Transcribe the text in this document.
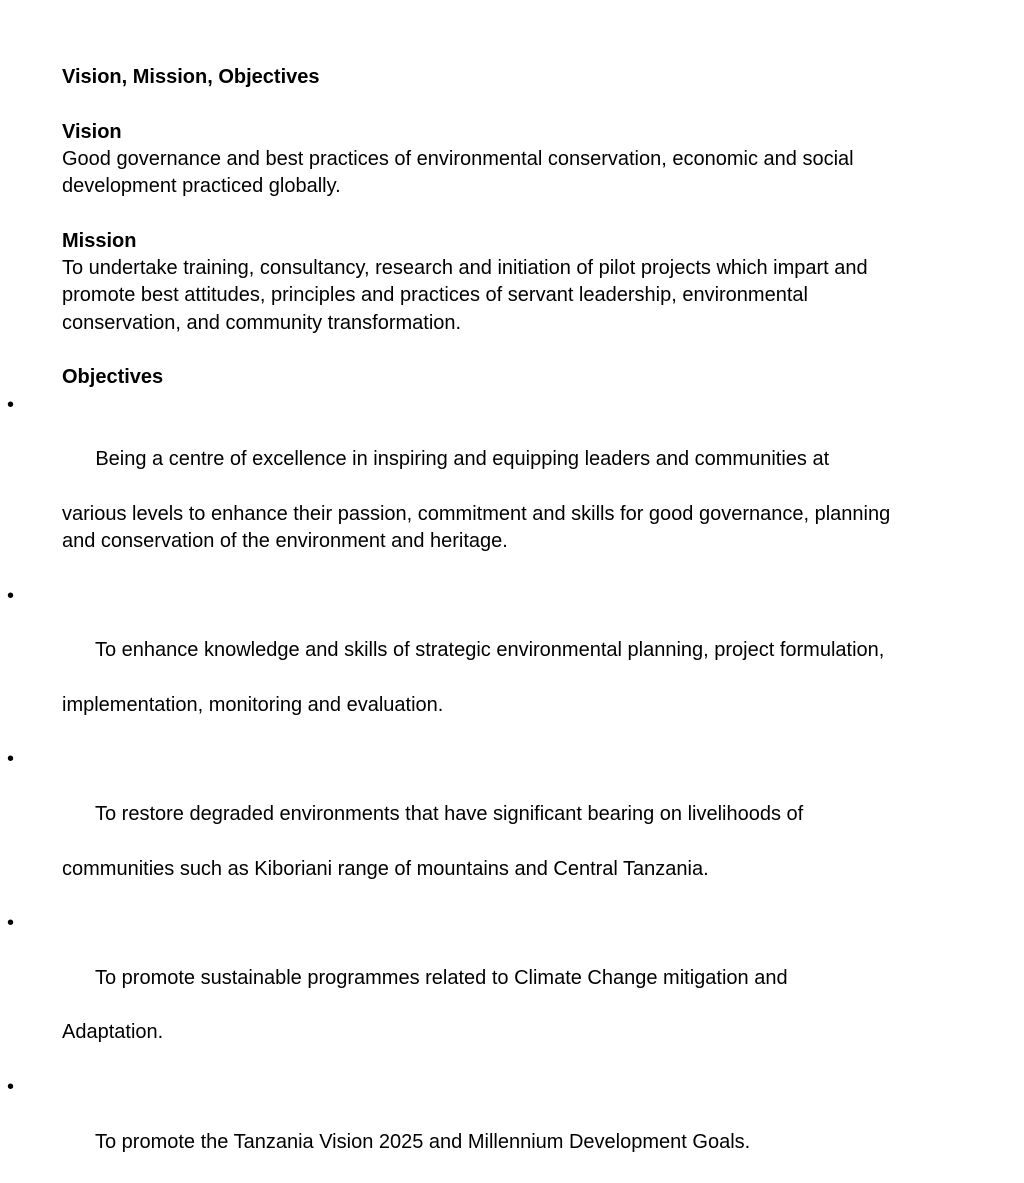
Vision, Mission, Objectives

Vision

Good governance and best practices of environmental conservation, economic and social

development practiced globally.

Mission

To undertake training, consultancy, research and initiation of pilot projects which impart and

promote best attitudes, principles and practices of servant leadership, environmental

conservation, and community transformation.

Objectives

•

Being a centre of excellence in inspiring and equipping leaders and communities at

various levels to enhance their passion, commitment and skills for good governance, planning

and conservation of the environment and heritage.

•

To enhance knowledge and skills of strategic environmental planning, project formulation,

implementation, monitoring and evaluation.

•

To restore degraded environments that have significant bearing on livelihoods of

communities such as Kiboriani range of mountains and Central Tanzania.

•

To promote sustainable programmes related to Climate Change mitigation and

Adaptation.

•

To promote the Tanzania Vision 2025 and Millennium Development Goals.
